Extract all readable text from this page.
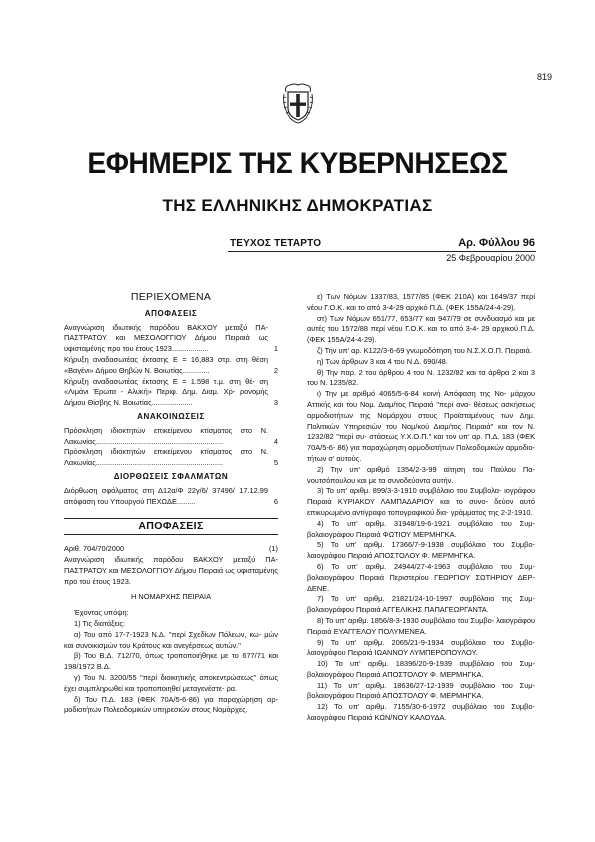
819
ΕΦΗΜΕΡΙΣ ΤΗΣ ΚΥΒΕΡΝΗΣΕΩΣ
ΤΗΣ ΕΛΛΗΝΙΚΗΣ ΔΗΜΟΚΡΑΤΙΑΣ
ΤΕΥΧΟΣ ΤΕΤΑΡΤΟ	Αρ. Φύλλου 96
25 Φεβρουαρίου 2000
ΠΕΡΙΕΧΟΜΕΝΑ
ΑΠΟΦΑΣΕΙΣ
Αναγνώριση ιδιωτικής παρόδου ΒΑΚΧΟΥ μεταξύ ΠΑ- ΠΑΣΤΡΑΤΟΥ και ΜΕΣΟΛΟΓΓΙΟΥ Δήμου Πειραιά ως υφισταμένης προ του έτους 1923..................	1
Κήρυξη αναδασωτέας έκτασης Ε = 16,883 στρ. στη θέση «Βαγένι» Δήμου Θηβών Ν. Βοιωτίας.............	2
Κήρυξη αναδασωτέας έκτασης Ε = 1.598 τ.μ. στη θέ- ση «Λιμάνι Έρωτα - Αλυκή» Περιφ. Δημ. Διαμ. Χρ- ρονομής Δήμου Θίσβης Ν. Βοιωτίας....................	3
ΑΝΑΚΟΙΝΩΣΕΙΣ
Πρόσκληση ιδιοκτητών επικείμενου κτίσματος στο Ν. Λακωνίας..............................................................	4
Πρόσκληση ιδιοκτητών επικείμενου κτίσματος στο Ν. Λακωνίας..............................................................	5
ΔΙΟΡΘΩΣΕΙΣ ΣΦΑΛΜΑΤΩΝ
Διόρθωση σφάλματος στη Δ12α/Φ 22γ/6/ 37496/ 17.12.99 απόφαση του Υπουργού ΠΕΧΩΔΕ.........	6
ΑΠΟΦΑΣΕΙΣ
Αριθ. 704/70/2000	(1)

Αναγνώριση ιδιωτικής παρόδου ΒΑΚΧΟΥ μεταξύ ΠΑ- ΠΑΣΤΡΑΤΟΥ και ΜΕΣΟΛΟΓΓΙΟΥ Δήμου Πειραιά ως υφισταμένης προ του έτους 1923.

Η ΝΟΜΑΡΧΗΣ ΠΕΙΡΑΙΑ

Έχοντας υπόψη:

1) Τις διατάξεις:

α) Του από 17-7-1923 Ν.Δ. "περί Σχεδίων Πόλεων, κω- μών και συνοικισμών του Κράτους και ανεγέρσεως αυτών."

β) Του Β.Δ. 712/70, όπως τροποποιήθηκε με το 677/71 και 198/1972 Β.Δ.

γ) Του Ν. 3200/55 "περί διοικητικής αποκεντρώσεως" όπως έχει συμπληρωθεί και τροποποιηθεί μεταγενέστε- ρα.

δ) Του Π.Δ. 183 (ΦΕΚ 70Α/5-6-86) για παραχώρηση αρ- μοδιοτήτων Πολεοδομικών υπηρεσιών στους Νομάρχες.

ε) Των Νόμων 1337/83, 1577/85 (ΦΕΚ 210Α) και 1649/37 περί νέου Γ.Ο.Κ. και το από 3-4-29 αρχικό Π.Δ. (ΦΕΚ 155Α/24-4-29).

στ) Των Νόμων 651/77, 653/77 και 947/79 σε συνδυασμό και με αυτές του 1572/88 περί νέου Γ.Ο.Κ. και το από 3-4- 29 αρχικού Π.Δ. (ΦΕΚ 155Α/24-4-29).

ζ) Την υπ' αρ. Κ122/3-6-69 γνωμοδότηση του Ν.Σ.Χ.Ο.Π. Πειραιά.

η) Των άρθρων 3 και 4 του Ν.Δ. 690/48.

θ) Την παρ. 2 του άρθρου 4 του Ν. 1232/82 και τα άρθρα 2 και 3 του Ν. 1235/82.

ι) Την με αριθμό 4065/5-6-84 κοινή Απόφαση της Νο- μάρχου Αττικής και του Νομ. Διαμ/τος Πειραιά "περί ανα- θέσεως ασκήσεως αρμοδιοτήτων της Νομάρχου στους Προϊσταμένους των Δημ. Πολιτικών Υπηρεσιών του Νομ/κού Διαμ/τος Πειραιά" και τον Ν. 1232/82 "περί συ- στάσεως Υ.Χ.Ο.Π." και τον υπ' αρ. Π.Δ. 183 (ΦΕΚ 70Α/5-6- 86) για παραχώρηση αρμοδιοτήτων Πολεοδομικών αρμοδιο- τήτων σ' αυτούς.

2) Την υπ' αριθμό 1354/2-3-99 αίτηση του Παύλου Πα- νουτσόπουλου και με τα συνοδεύοντα αυτήν.

3) Το υπ' αριθμ. 899/3-3-1910 συμβόλαιο του Συμβολα- ιογράφου Πειραιά ΚΥΡΙΑΚΟΥ ΛΑΜΠΑΔΑΡΙΟΥ και το συνο- δεύον αυτό επικυρωμένο αντίγραφο τοπογραφικού δια- γράμματος της 2-2-1910.

4) Το υπ' αριθμ. 31948/19-6-1921 συμβόλαιο του Συμ- βολαιογράφου Πειραιά ΦΩΤΙΟΥ ΜΕΡΜΗΓΚΑ.

5) Το υπ' αριθμ. 17366/7-9-1938 συμβόλαιο του Συμβο- λαιογράφου Πειραιά ΑΠΟΣΤΟΛΟΥ Φ. ΜΕΡΜΗΓΚΑ.

6) Το υπ' αριθμ. 24944/27-4-1963 συμβόλαιο του Συμ- βολαιογράφου Πειραιά Περιστερίου ΓΕΩΡΓΙΟΥ ΣΩΤΗΡΙΟΥ ΔΕΡ- ΔΕΝΕ.

7) Το υπ' αριθμ. 21821/24-10-1997 συμβόλαιο της Συμ- βολαιογράφου Πειραιά ΑΓΓΕΛΙΚΗΣ ΠΑΠΑΓΕΩΡΓΑΝΤΑ.

8) Το υπ' αριθμ. 1856/8-3-1930 συμβόλαιο του Συμβο- λαιογράφου Πειραιά ΕΥΑΓΓΕΛΟΥ ΠΟΛΥΜΕΝΕΑ.

9) Το υπ' αριθμ. 2065/21-9-1934 συμβόλαιο του Συμβο- λαιογράφου Πειραιά ΙΩΑΝΝΟΥ ΛΥΜΠΕΡΟΠΟΥΛΟΥ.

10) Το υπ' αριθμ. 18396/20-9-1939 συμβόλαιο του Συμ- βολαιογράφου Πειραιά ΑΠΟΣΤΟΛΟΥ Φ. ΜΕΡΜΗΓΚΑ.

11) Το υπ' αριθμ. 18636/27-12-1939 συμβόλαιο του Συμ- βολαιογράφου Πειραιά ΑΠΟΣΤΟΛΟΥ Φ. ΜΕΡΜΗΓΚΑ.

12) Το υπ' αριθμ. 7155/30-6-1972 συμβόλαιο του Συμβο- λαιογράφου Πειραιά ΚΩΝ/ΝΟΥ ΚΑΛΟΥΔΑ.
